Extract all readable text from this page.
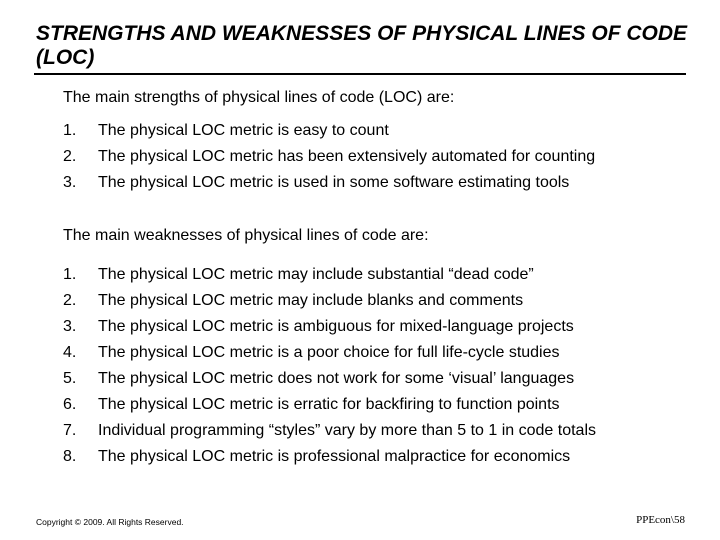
STRENGTHS AND WEAKNESSES OF PHYSICAL LINES OF CODE (LOC)

The main strengths of physical lines of code (LOC) are:

1.	The physical LOC metric is easy to count
2.	The physical LOC metric has been extensively automated for counting
3.	The physical LOC metric is used in some software estimating tools

The main weaknesses of physical lines of code are:

1.	The physical LOC metric may include substantial “dead code”
2.	The physical LOC metric may include blanks and comments
3.	The physical LOC metric is ambiguous for mixed-language projects
4.	The physical LOC metric is a poor choice for full life-cycle studies
5.	The physical LOC metric does not work for some ‘visual’ languages
6.	The physical LOC metric is erratic for backfiring to function points
7.	Individual programming “styles” vary by more than 5 to 1 in code totals
8.	The physical LOC metric is professional malpractice for economics
Copyright © 2009. All Rights Reserved.	PPEcon\58
